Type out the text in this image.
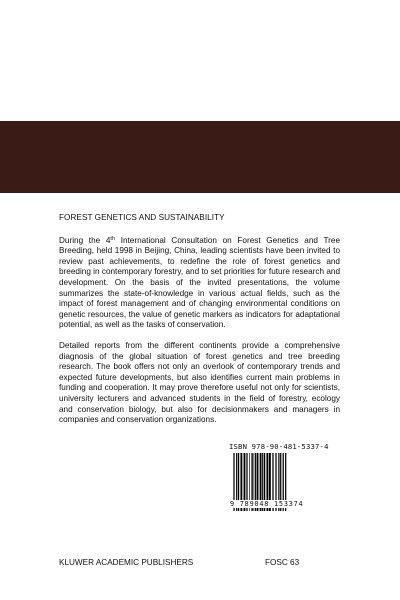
FOREST GENETICS AND SUSTAINABILITY

During the 4th International Consultation on Forest Genetics and Tree Breeding, held 1998 in Beijing, China, leading scientists have been invited to review past achievements, to redefine the role of forest genetics and breeding in contemporary forestry, and to set priorities for future research and development. On the basis of the invited presentations, the volume summarizes the state-of-knowledge in various actual fields, such as the impact of forest management and of changing environmental conditions on genetic resources, the value of genetic markers as indicators for adaptational potential, as well as the tasks of conservation.

Detailed reports from the different continents provide a comprehensive diagnosis of the global situation of forest genetics and tree breeding research. The book offers not only an overlook of contemporary trends and expected future developments, but also identifies current main problems in funding and cooperation. It may prove therefore useful not only for scientists, university lecturers and advanced students in the field of forestry, ecology and conservation biology, but also for decisionmakers and managers in companies and conservation organizations.

ISBN 978-90-481-5337-4
9 789048 153374
KLUWER ACADEMIC PUBLISHERS	FOSC 63
